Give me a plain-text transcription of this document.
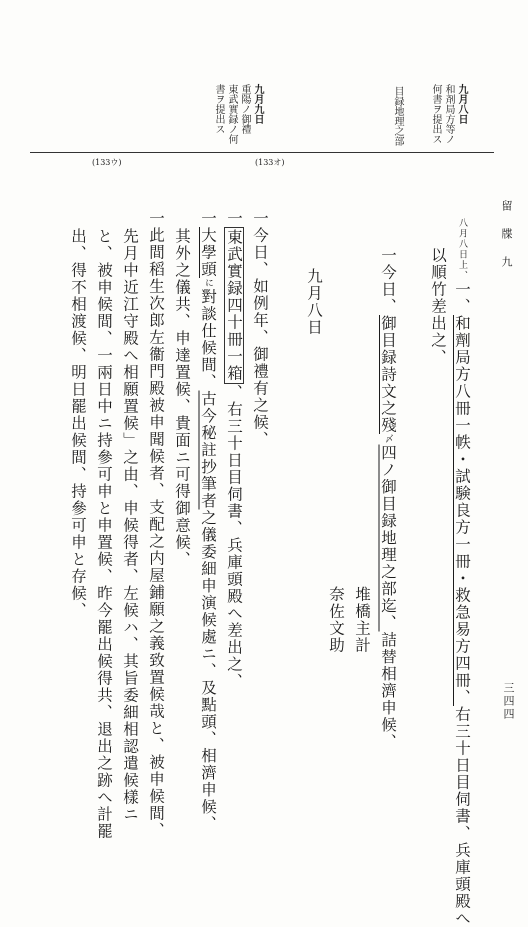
九月八日
和剤局方等ノ
何書ヲ提出ス
目録地理之部
九月九日
重陽ノ御禮
東武實録ノ何
書ヲ提出ス
(133ウ)	(133オ)
留　牒　九
三四四
八月八日上、一、和劑局方八冊一帙・試験良方一冊・救急易方四冊、右三十日目伺書、兵庫頭殿へ
以順竹差出之、
一今日、御目録詩文之殘〆四ノ御目録地理之部迄、詰替相濟申候、
堆橋主計
奈佐文助
九月八日
一今日、如例年、御禮有之候、
一東武實録四十冊一箱、右三十日目伺書、兵庫頭殿へ差出之、
一大學頭に對談仕候間、古今秘註抄筆者之儀委細申演候處ニ、及點頭、相濟申候、
其外之儀共、申達置候、貴面ニ可得御意候、
一此間稻生次郎左衞門殿被申聞候者、支配之内屋鋪願之義致置候哉と、被申候間、
先月中近江守殿へ相願置候」之由、申候得者、左候ハ、其旨委細相認遣候樣ニ
と、被申候間、一兩日中ニ持參可申と申置候、昨今罷出候得共、退出之跡へ計罷
出、得不相渡候、明日罷出候間、持參可申と存候、
